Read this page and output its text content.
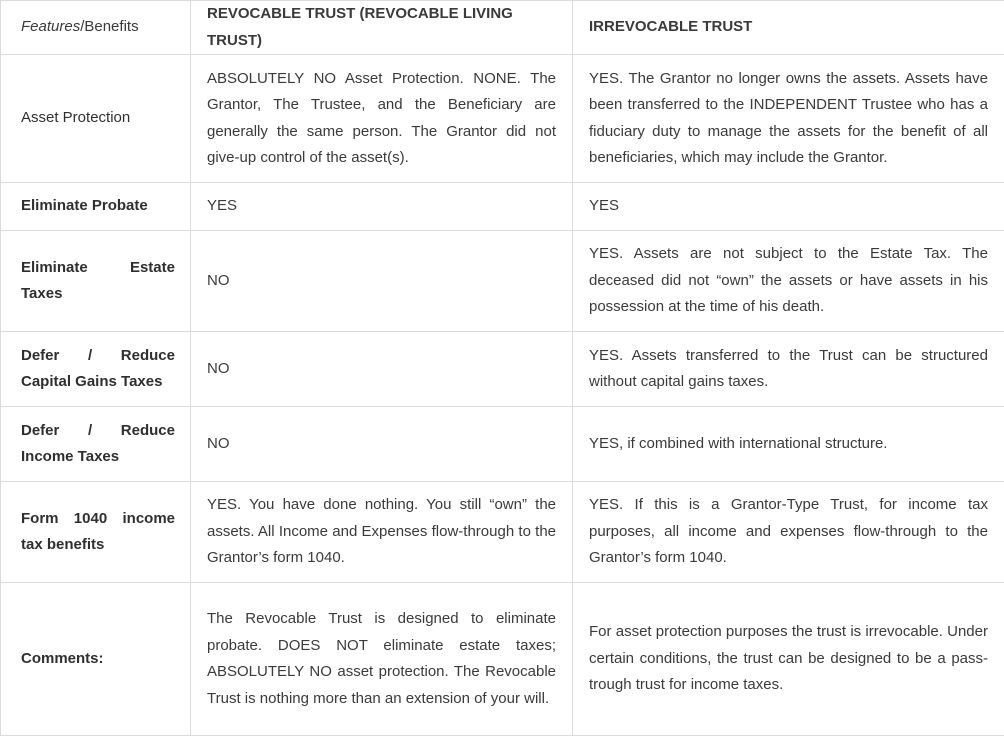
Features/Benefits	REVOCABLE TRUST (REVOCABLE LIVING TRUST)	IRREVOCABLE TRUST
Asset Protection	ABSOLUTELY NO Asset Protection. NONE. The Grantor, The Trustee, and the Beneficiary are generally the same person. The Grantor did not give-up control of the asset(s).	YES. The Grantor no longer owns the assets. Assets have been transferred to the INDEPENDENT Trustee who has a fiduciary duty to manage the assets for the benefit of all beneficiaries, which may include the Grantor.
Eliminate Probate	YES	YES
Eliminate Estate Taxes	NO	YES. Assets are not subject to the Estate Tax. The deceased did not “own” the assets or have assets in his possession at the time of his death.
Defer / Reduce Capital Gains Taxes	NO	YES. Assets transferred to the Trust can be structured without capital gains taxes.
Defer / Reduce Income Taxes	NO	YES, if combined with international structure.
Form 1040 income tax benefits	YES. You have done nothing. You still “own” the assets. All Income and Expenses flow-through to the Grantor’s form 1040.	YES. If this is a Grantor-Type Trust, for income tax purposes, all income and expenses flow-through to the Grantor’s form 1040.
Comments:	The Revocable Trust is designed to eliminate probate. DOES NOT eliminate estate taxes; ABSOLUTELY NO asset protection. The Revocable Trust is nothing more than an extension of your will.	For asset protection purposes the trust is irrevocable. Under certain conditions, the trust can be designed to be a pass-trough trust for income taxes.
